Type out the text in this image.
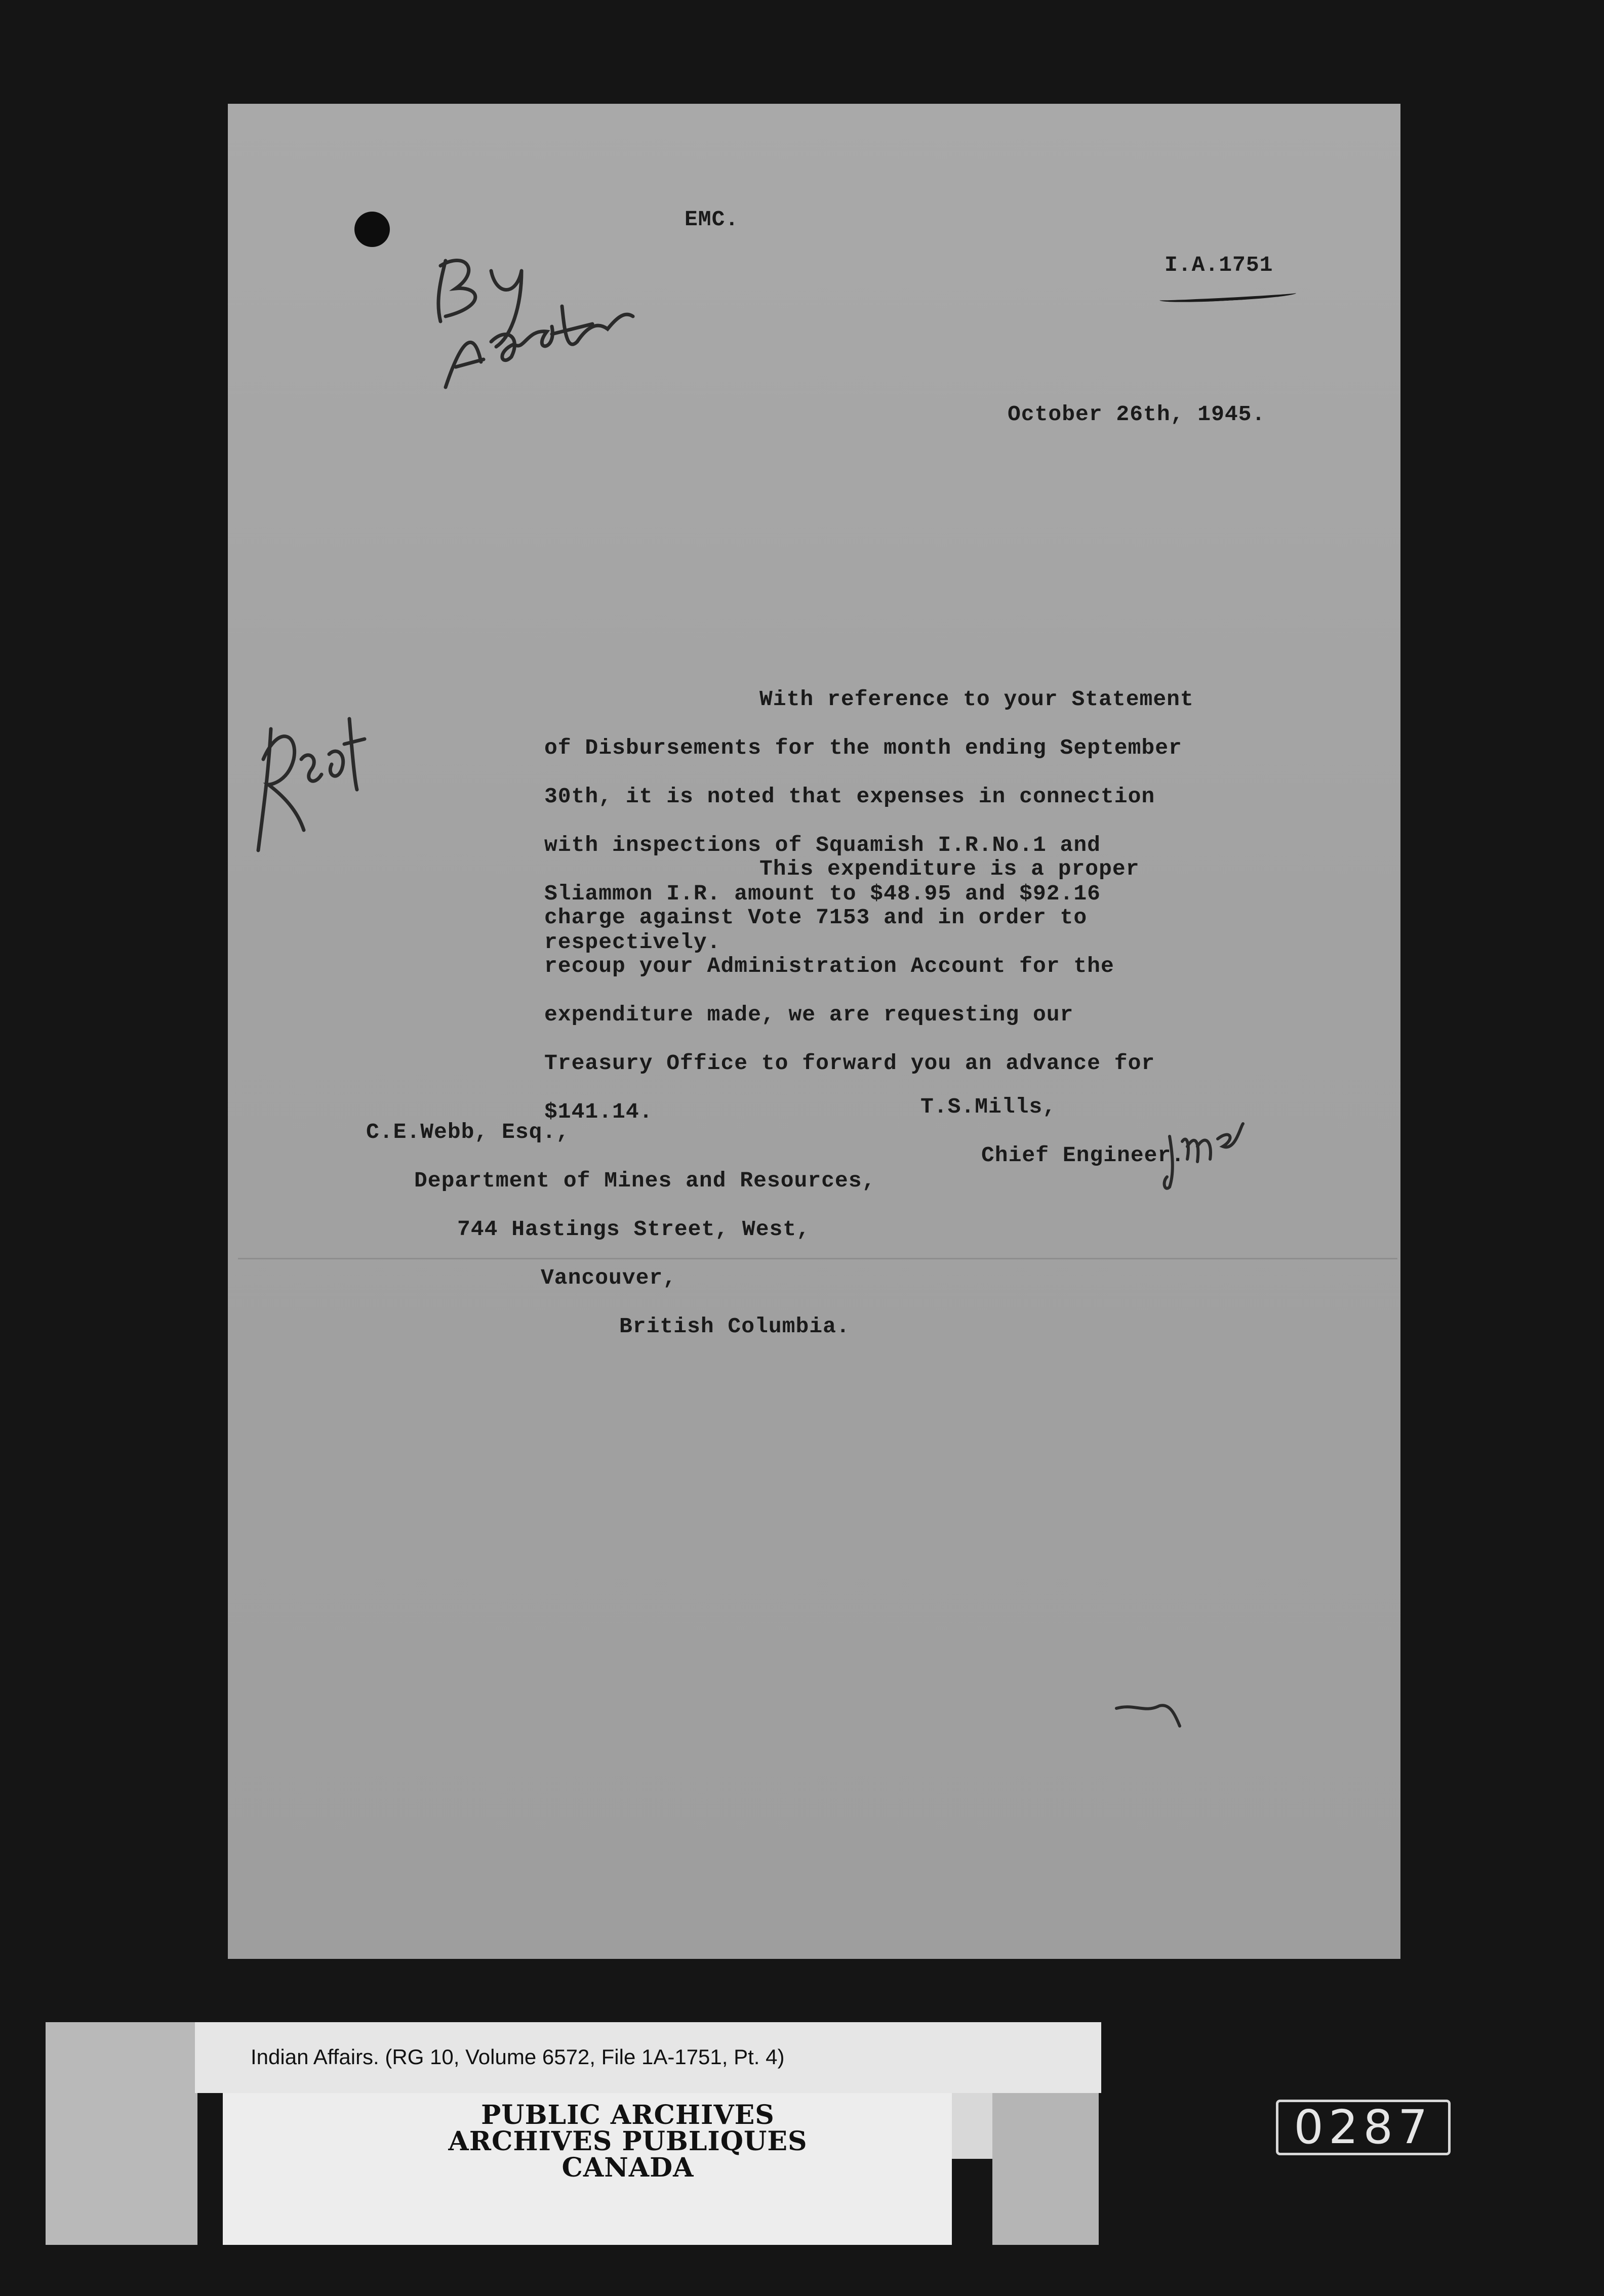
EMC.
I.A.1751
October 26th, 1945.

With reference to your Statement

of Disbursements for the month ending September

30th, it is noted that expenses in connection

with inspections of Squamish I.R.No.1 and

Sliammon I.R. amount to $48.95 and $92.16

respectively.

This expenditure is a proper

charge against Vote 7153 and in order to

recoup your Administration Account for the

expenditure made, we are requesting our

Treasury Office to forward you an advance for

$141.14.	T.S.Mills,

Chief Engineer.

C.E.Webb, Esq.,

Department of Mines and Resources,

744 Hastings Street, West,

Vancouver,

British Columbia.

Indian Affairs. (RG 10, Volume 6572, File 1A-1751, Pt. 4)
PUBLIC ARCHIVES
ARCHIVES PUBLIQUES
CANADA
0287
